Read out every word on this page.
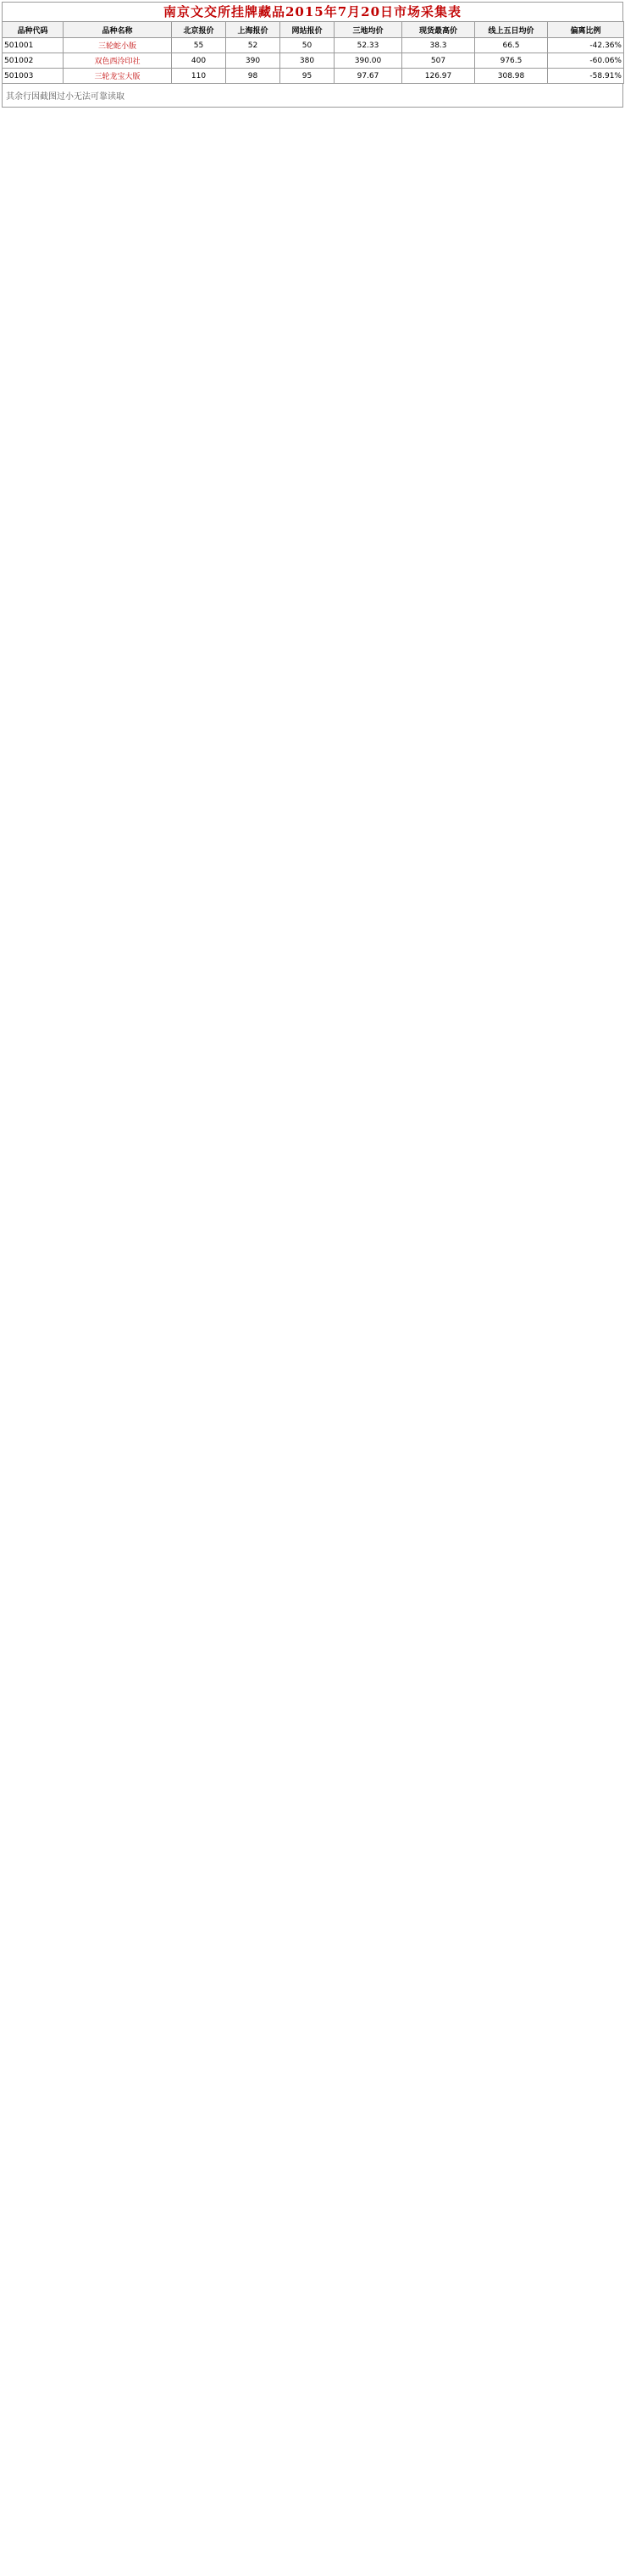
南京文交所挂牌藏品2015年7月20日市场采集表
品种代码	品种名称	北京报价	上海报价	网站报价	三地均价	现货最高价	线上五日均价	偏离比例
501001	三轮蛇小版	55	52	50	52.33	38.3	66.5	-42.36%
501002	双色西泠印社	400	390	380	390.00	507	976.5	-60.06%
501003	三轮龙宝大版	110	98	95	97.67	126.97	308.98	-58.91%
其余行因截图过小无法可靠读取
